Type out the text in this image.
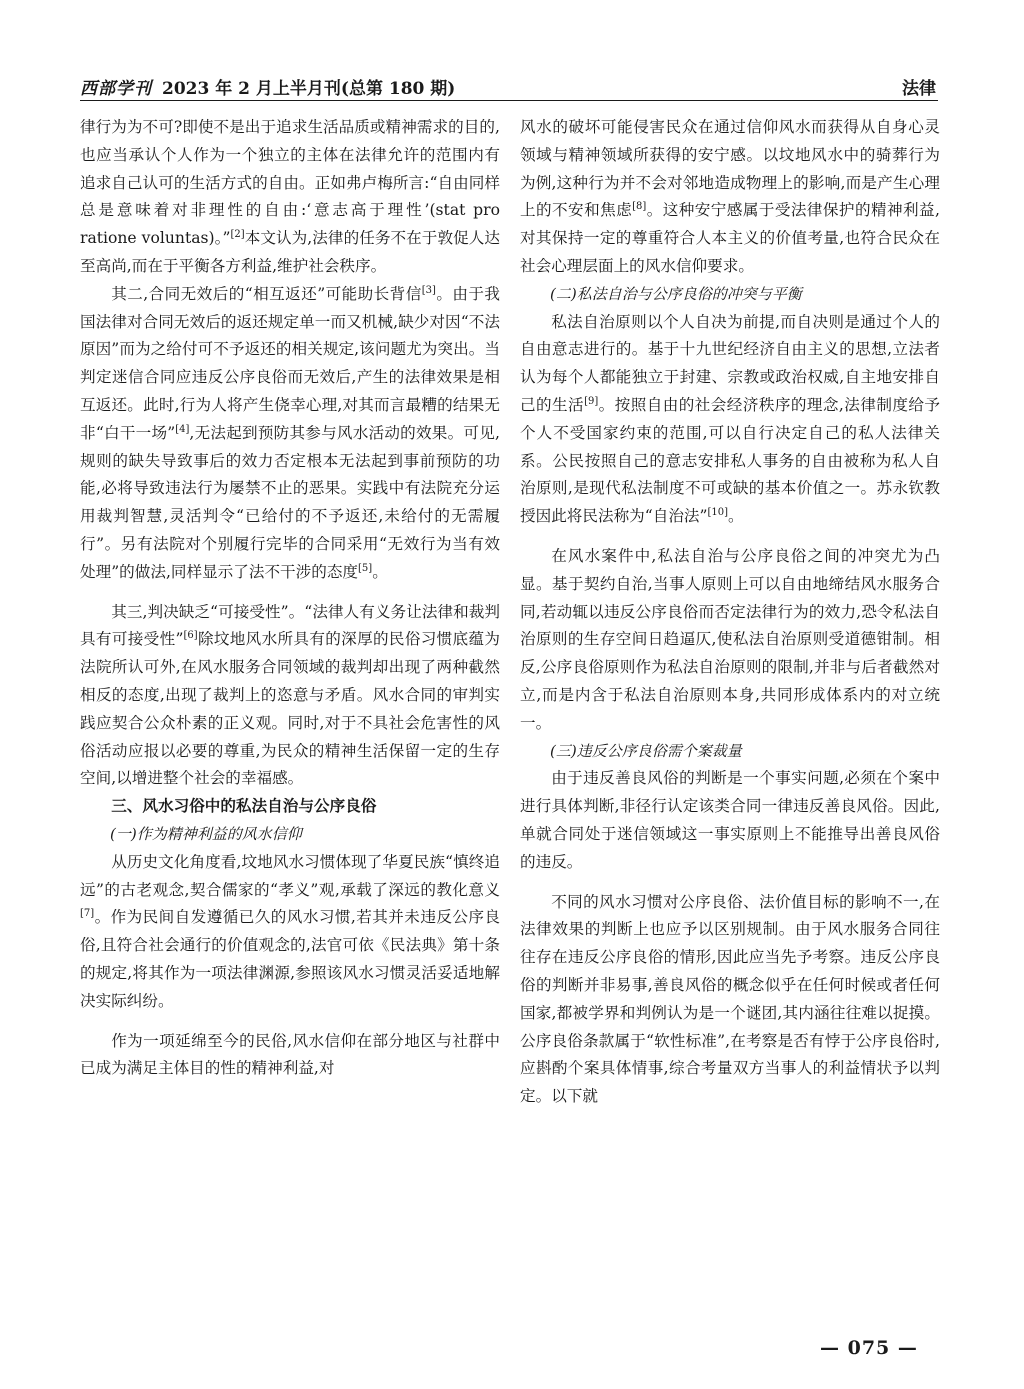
西部学刊 2023 年 2 月上半月刊(总第 180 期)	法律

律行为为不可?即使不是出于追求生活品质或精神需求的目的,也应当承认个人作为一个独立的主体在法律允许的范围内有追求自己认可的生活方式的自由。正如弗卢梅所言:“自由同样总是意味着对非理性的自由:‘意志高于理性’(stat pro ratione voluntas)。”[2]本文认为,法律的任务不在于敦促人达至高尚,而在于平衡各方利益,维护社会秩序。

其二,合同无效后的“相互返还”可能助长背信[3]。由于我国法律对合同无效后的返还规定单一而又机械,缺少对因“不法原因”而为之给付可不予返还的相关规定,该问题尤为突出。当判定迷信合同应违反公序良俗而无效后,产生的法律效果是相互返还。此时,行为人将产生侥幸心理,对其而言最糟的结果无非“白干一场”[4],无法起到预防其参与风水活动的效果。可见,规则的缺失导致事后的效力否定根本无法起到事前预防的功能,必将导致违法行为屡禁不止的恶果。实践中有法院充分运用裁判智慧,灵活判令“已给付的不予返还,未给付的无需履行”。另有法院对个别履行完毕的合同采用“无效行为当有效处理”的做法,同样显示了法不干涉的态度[5]。

其三,判决缺乏“可接受性”。“法律人有义务让法律和裁判具有可接受性”[6]除坟地风水所具有的深厚的民俗习惯底蕴为法院所认可外,在风水服务合同领域的裁判却出现了两种截然相反的态度,出现了裁判上的恣意与矛盾。风水合同的审判实践应契合公众朴素的正义观。同时,对于不具社会危害性的风俗活动应报以必要的尊重,为民众的精神生活保留一定的生存空间,以增进整个社会的幸福感。

三、风水习俗中的私法自治与公序良俗

(一)作为精神利益的风水信仰

从历史文化角度看,坟地风水习惯体现了华夏民族“慎终追远”的古老观念,契合儒家的“孝义”观,承载了深远的教化意义[7]。作为民间自发遵循已久的风水习惯,若其并未违反公序良俗,且符合社会通行的价值观念的,法官可依《民法典》第十条的规定,将其作为一项法律渊源,参照该风水习惯灵活妥适地解决实际纠纷。

作为一项延绵至今的民俗,风水信仰在部分地区与社群中已成为满足主体目的性的精神利益,对

风水的破坏可能侵害民众在通过信仰风水而获得从自身心灵领域与精神领域所获得的安宁感。以坟地风水中的骑葬行为为例,这种行为并不会对邻地造成物理上的影响,而是产生心理上的不安和焦虑[8]。这种安宁感属于受法律保护的精神利益,对其保持一定的尊重符合人本主义的价值考量,也符合民众在社会心理层面上的风水信仰要求。

(二)私法自治与公序良俗的冲突与平衡

私法自治原则以个人自决为前提,而自决则是通过个人的自由意志进行的。基于十九世纪经济自由主义的思想,立法者认为每个人都能独立于封建、宗教或政治权威,自主地安排自己的生活[9]。按照自由的社会经济秩序的理念,法律制度给予个人不受国家约束的范围,可以自行决定自己的私人法律关系。公民按照自己的意志安排私人事务的自由被称为私人自治原则,是现代私法制度不可或缺的基本价值之一。苏永钦教授因此将民法称为“自治法”[10]。

在风水案件中,私法自治与公序良俗之间的冲突尤为凸显。基于契约自治,当事人原则上可以自由地缔结风水服务合同,若动辄以违反公序良俗而否定法律行为的效力,恐令私法自治原则的生存空间日趋逼仄,使私法自治原则受道德钳制。相反,公序良俗原则作为私法自治原则的限制,并非与后者截然对立,而是内含于私法自治原则本身,共同形成体系内的对立统一。

(三)违反公序良俗需个案裁量

由于违反善良风俗的判断是一个事实问题,必须在个案中进行具体判断,非径行认定该类合同一律违反善良风俗。因此,单就合同处于迷信领域这一事实原则上不能推导出善良风俗的违反。

不同的风水习惯对公序良俗、法价值目标的影响不一,在法律效果的判断上也应予以区别规制。由于风水服务合同往往存在违反公序良俗的情形,因此应当先予考察。违反公序良俗的判断并非易事,善良风俗的概念似乎在任何时候或者任何国家,都被学界和判例认为是一个谜团,其内涵往往难以捉摸。公序良俗条款属于“软性标准”,在考察是否有悖于公序良俗时,应斟酌个案具体情事,综合考量双方当事人的利益情状予以判定。以下就

— 075 —
